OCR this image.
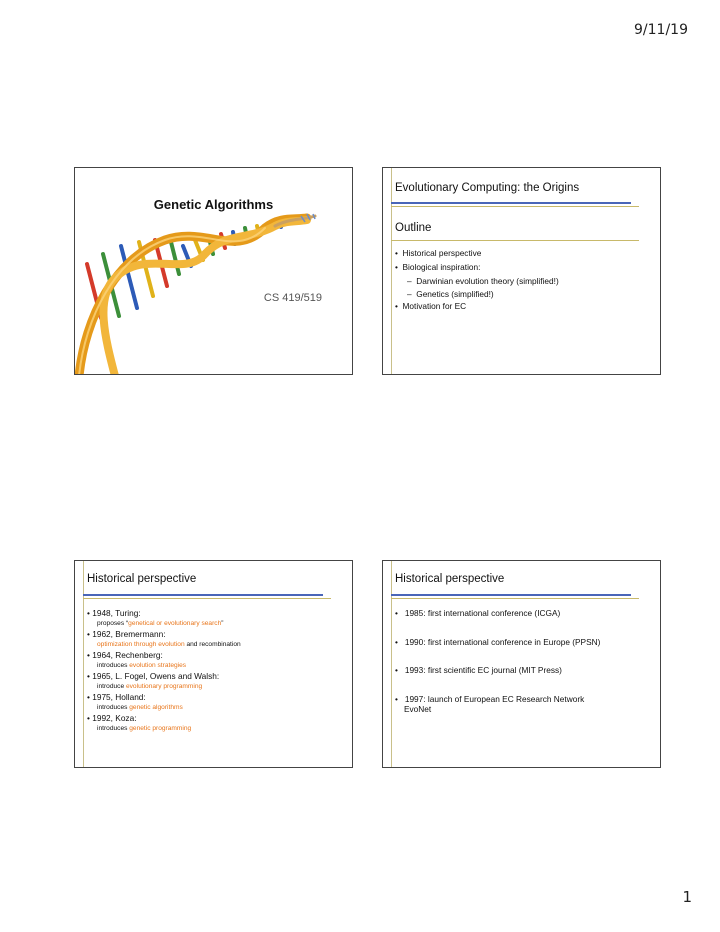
9/11/19
Genetic Algorithms
CS 419/519
Evolutionary Computing: the Origins
Outline
•  Historical perspective
•  Biological inspiration:
–  Darwinian evolution theory (simplified!)
–  Genetics (simplified!)
•  Motivation for EC
Historical perspective
• 1948, Turing:
proposes “genetical or evolutionary search”
• 1962, Bremermann:
optimization through evolution and recombination
• 1964, Rechenberg:
introduces evolution strategies
• 1965, L. Fogel, Owens and Walsh:
introduce evolutionary programming
• 1975, Holland:
introduces genetic algorithms
• 1992, Koza:
introduces genetic programming
Historical perspective
•   1985: first international conference (ICGA)
•   1990: first international conference in Europe (PPSN)
•   1993: first scientific EC journal (MIT Press)
•   1997: launch of European EC Research Network
EvoNet
1
